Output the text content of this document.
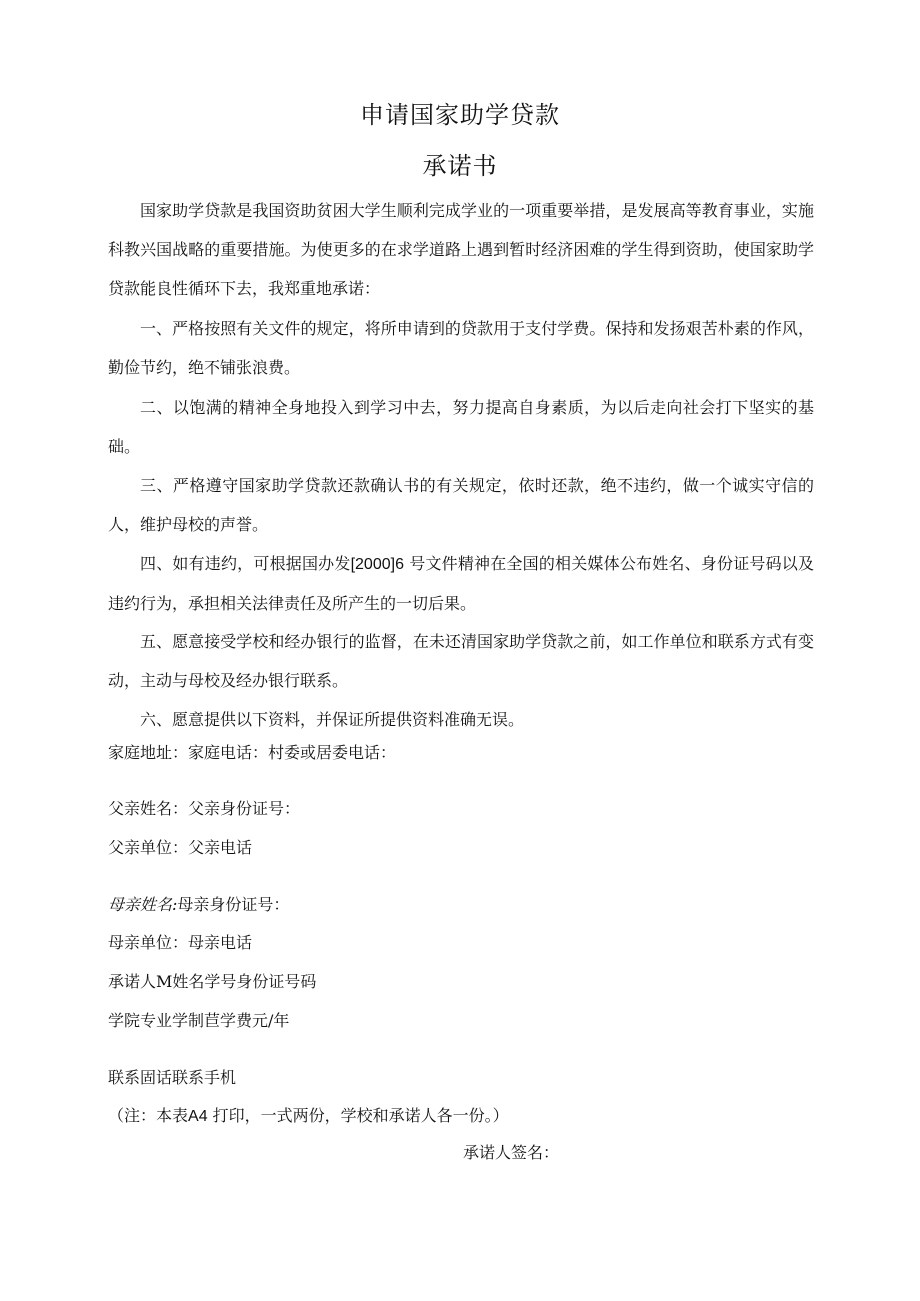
申请国家助学贷款
承诺书
国家助学贷款是我国资助贫困大学生顺利完成学业的一项重要举措，是发展高等教育事业，实施科教兴国战略的重要措施。为使更多的在求学道路上遇到暂时经济困难的学生得到资助，使国家助学贷款能良性循环下去，我郑重地承诺：
一、严格按照有关文件的规定，将所申请到的贷款用于支付学费。保持和发扬艰苦朴素的作风，勤俭节约，绝不铺张浪费。
二、以饱满的精神全身地投入到学习中去，努力提高自身素质，为以后走向社会打下坚实的基础。
三、严格遵守国家助学贷款还款确认书的有关规定，依时还款，绝不违约，做一个诚实守信的人，维护母校的声誉。
四、如有违约，可根据国办发[2000]6 号文件精神在全国的相关媒体公布姓名、身份证号码以及违约行为，承担相关法律责任及所产生的一切后果。
五、愿意接受学校和经办银行的监督，在未还清国家助学贷款之前，如工作单位和联系方式有变动，主动与母校及经办银行联系。
六、愿意提供以下资料，并保证所提供资料准确无误。
家庭地址：家庭电话：村委或居委电话：
父亲姓名：父亲身份证号：
父亲单位：父亲电话
母亲姓名:母亲身份证号：
母亲单位：母亲电话
承诺人M姓名学号身份证号码
学院专业学制苣学费元/年
联系固话联系手机
（注：本表A4 打印，一式两份，学校和承诺人各一份。）
承诺人签名：
